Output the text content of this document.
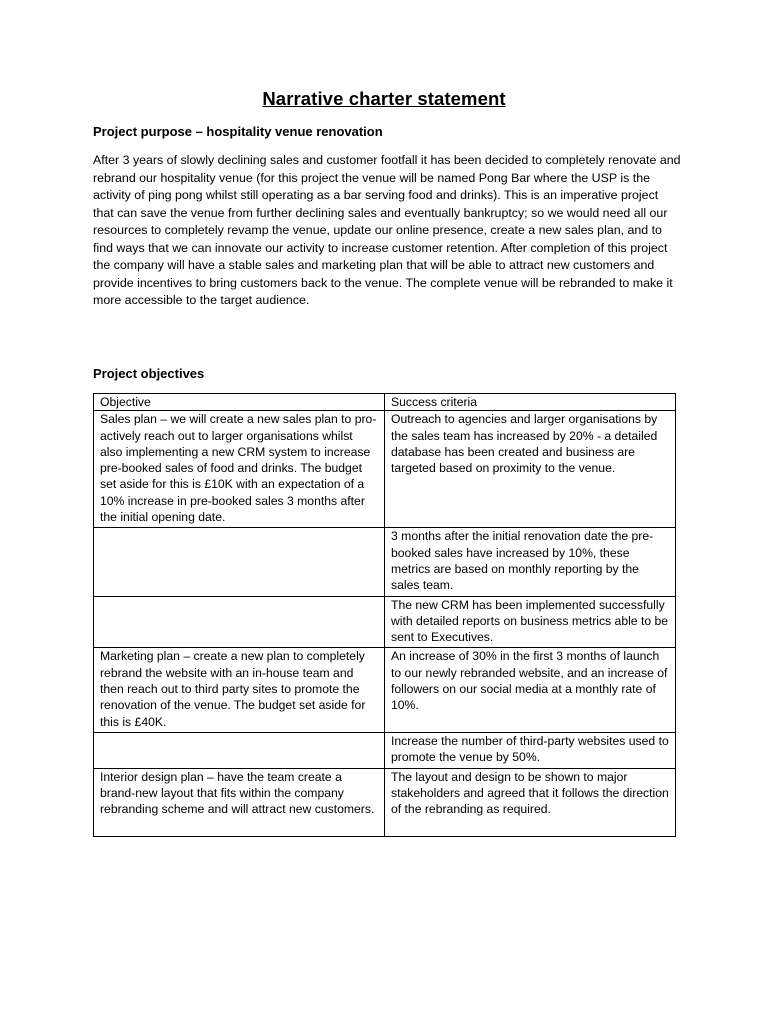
Narrative charter statement
Project purpose – hospitality venue renovation

After 3 years of slowly declining sales and customer footfall it has been decided to completely renovate and rebrand our hospitality venue (for this project the venue will be named Pong Bar where the USP is the activity of ping pong whilst still operating as a bar serving food and drinks). This is an imperative project that can save the venue from further declining sales and eventually bankruptcy; so we would need all our resources to completely revamp the venue, update our online presence, create a new sales plan, and to find ways that we can innovate our activity to increase customer retention. After completion of this project the company will have a stable sales and marketing plan that will be able to attract new customers and provide incentives to bring customers back to the venue. The complete venue will be rebranded to make it more accessible to the target audience.

Project objectives
Objective	Success criteria
Sales plan – we will create a new sales plan to pro-actively reach out to larger organisations whilst also implementing a new CRM system to increase pre-booked sales of food and drinks. The budget set aside for this is £10K with an expectation of a 10% increase in pre-booked sales 3 months after the initial opening date.	Outreach to agencies and larger organisations by the sales team has increased by 20% - a detailed database has been created and business are targeted based on proximity to the venue.
	3 months after the initial renovation date the pre-booked sales have increased by 10%, these metrics are based on monthly reporting by the sales team.
	The new CRM has been implemented successfully with detailed reports on business metrics able to be sent to Executives.
Marketing plan – create a new plan to completely rebrand the website with an in-house team and then reach out to third party sites to promote the renovation of the venue. The budget set aside for this is £40K.	An increase of 30% in the first 3 months of launch to our newly rebranded website, and an increase of followers on our social media at a monthly rate of 10%.
	Increase the number of third-party websites used to promote the venue by 50%.
Interior design plan – have the team create a brand-new layout that fits within the company rebranding scheme and will attract new customers.	The layout and design to be shown to major stakeholders and agreed that it follows the direction of the rebranding as required.
